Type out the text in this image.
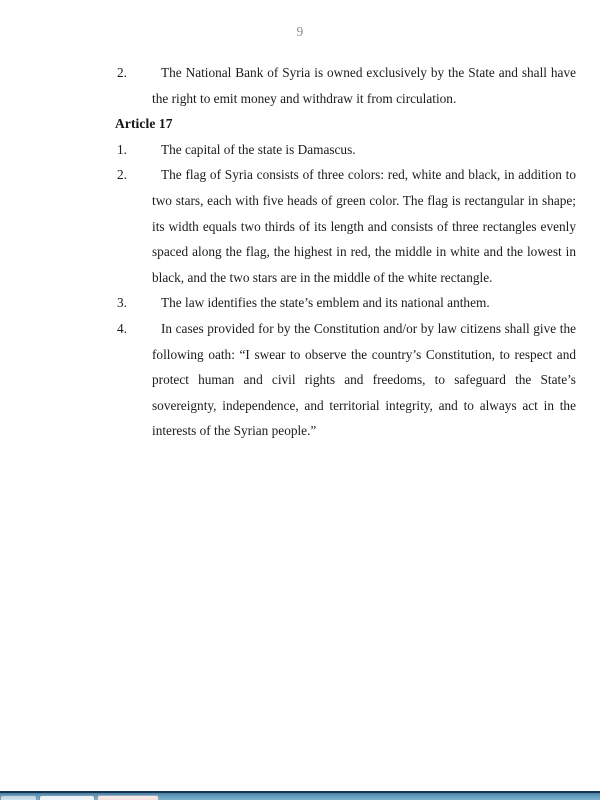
9

2.	The National Bank of Syria is owned exclusively by the State and shall have the right to emit money and withdraw it from circulation.

Article 17

1.	The capital of the state is Damascus.

2.	The flag of Syria consists of three colors: red, white and black, in addition to two stars, each with five heads of green color. The flag is rectangular in shape; its width equals two thirds of its length and consists of three rectangles evenly spaced along the flag, the highest in red, the middle in white and the lowest in black, and the two stars are in the middle of the white rectangle.

3.	The law identifies the state’s emblem and its national anthem.

4.	In cases provided for by the Constitution and/or by law citizens shall give the following oath: “I swear to observe the country’s Constitution, to respect and protect human and civil rights and freedoms, to safeguard the State’s sovereignty, independence, and territorial integrity, and to always act in the interests of the Syrian people.”
